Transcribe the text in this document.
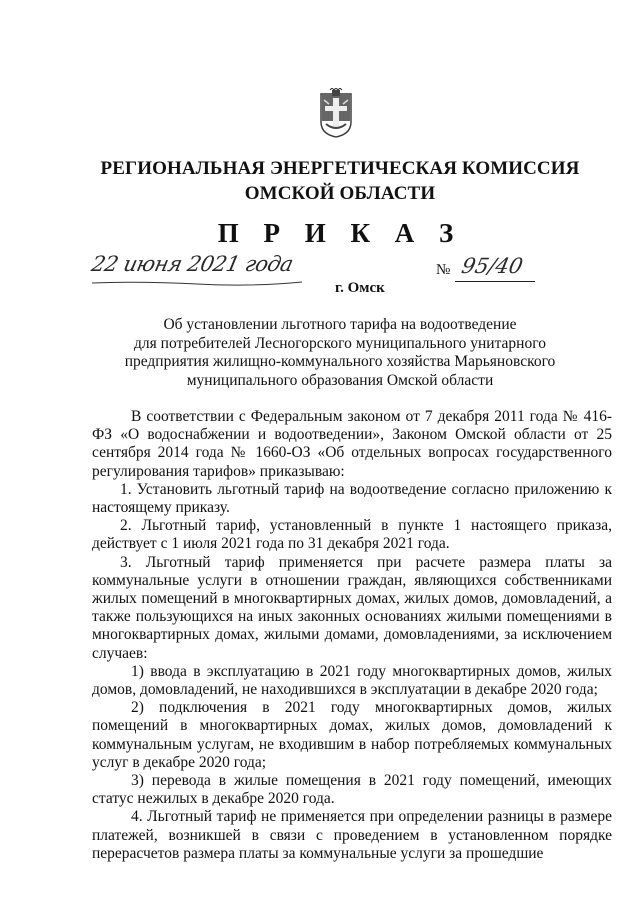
РЕГИОНАЛЬНАЯ ЭНЕРГЕТИЧЕСКАЯ КОМИССИЯ
ОМСКОЙ ОБЛАСТИ
П Р И К А З
22 июня 2021 года	№ 95/40
г. Омск
Об установлении льготного тарифа на водоотведение
для потребителей Лесногорского муниципального унитарного
предприятия жилищно-коммунального хозяйства Марьяновского
муниципального образования Омской области

В соответствии с Федеральным законом от 7 декабря 2011 года № 416-ФЗ «О водоснабжении и водоотведении», Законом Омской области от 25 сентября 2014 года № 1660-ОЗ «Об отдельных вопросах государственного регулирования тарифов» приказываю:

1. Установить льготный тариф на водоотведение согласно приложению к настоящему приказу.

2. Льготный тариф, установленный в пункте 1 настоящего приказа, действует с 1 июля 2021 года по 31 декабря 2021 года.

3. Льготный тариф применяется при расчете размера платы за коммунальные услуги в отношении граждан, являющихся собственниками жилых помещений в многоквартирных домах, жилых домов, домовладений, а также пользующихся на иных законных основаниях жилыми помещениями в многоквартирных домах, жилыми домами, домовладениями, за исключением случаев:

1) ввода в эксплуатацию в 2021 году многоквартирных домов, жилых домов, домовладений, не находившихся в эксплуатации в декабре 2020 года;

2) подключения в 2021 году многоквартирных домов, жилых помещений в многоквартирных домах, жилых домов, домовладений к коммунальным услугам, не входившим в набор потребляемых коммунальных услуг в декабре 2020 года;

3) перевода в жилые помещения в 2021 году помещений, имеющих статус нежилых в декабре 2020 года.

4. Льготный тариф не применяется при определении разницы в размере платежей, возникшей в связи с проведением в установленном порядке перерасчетов размера платы за коммунальные услуги за прошедшие
